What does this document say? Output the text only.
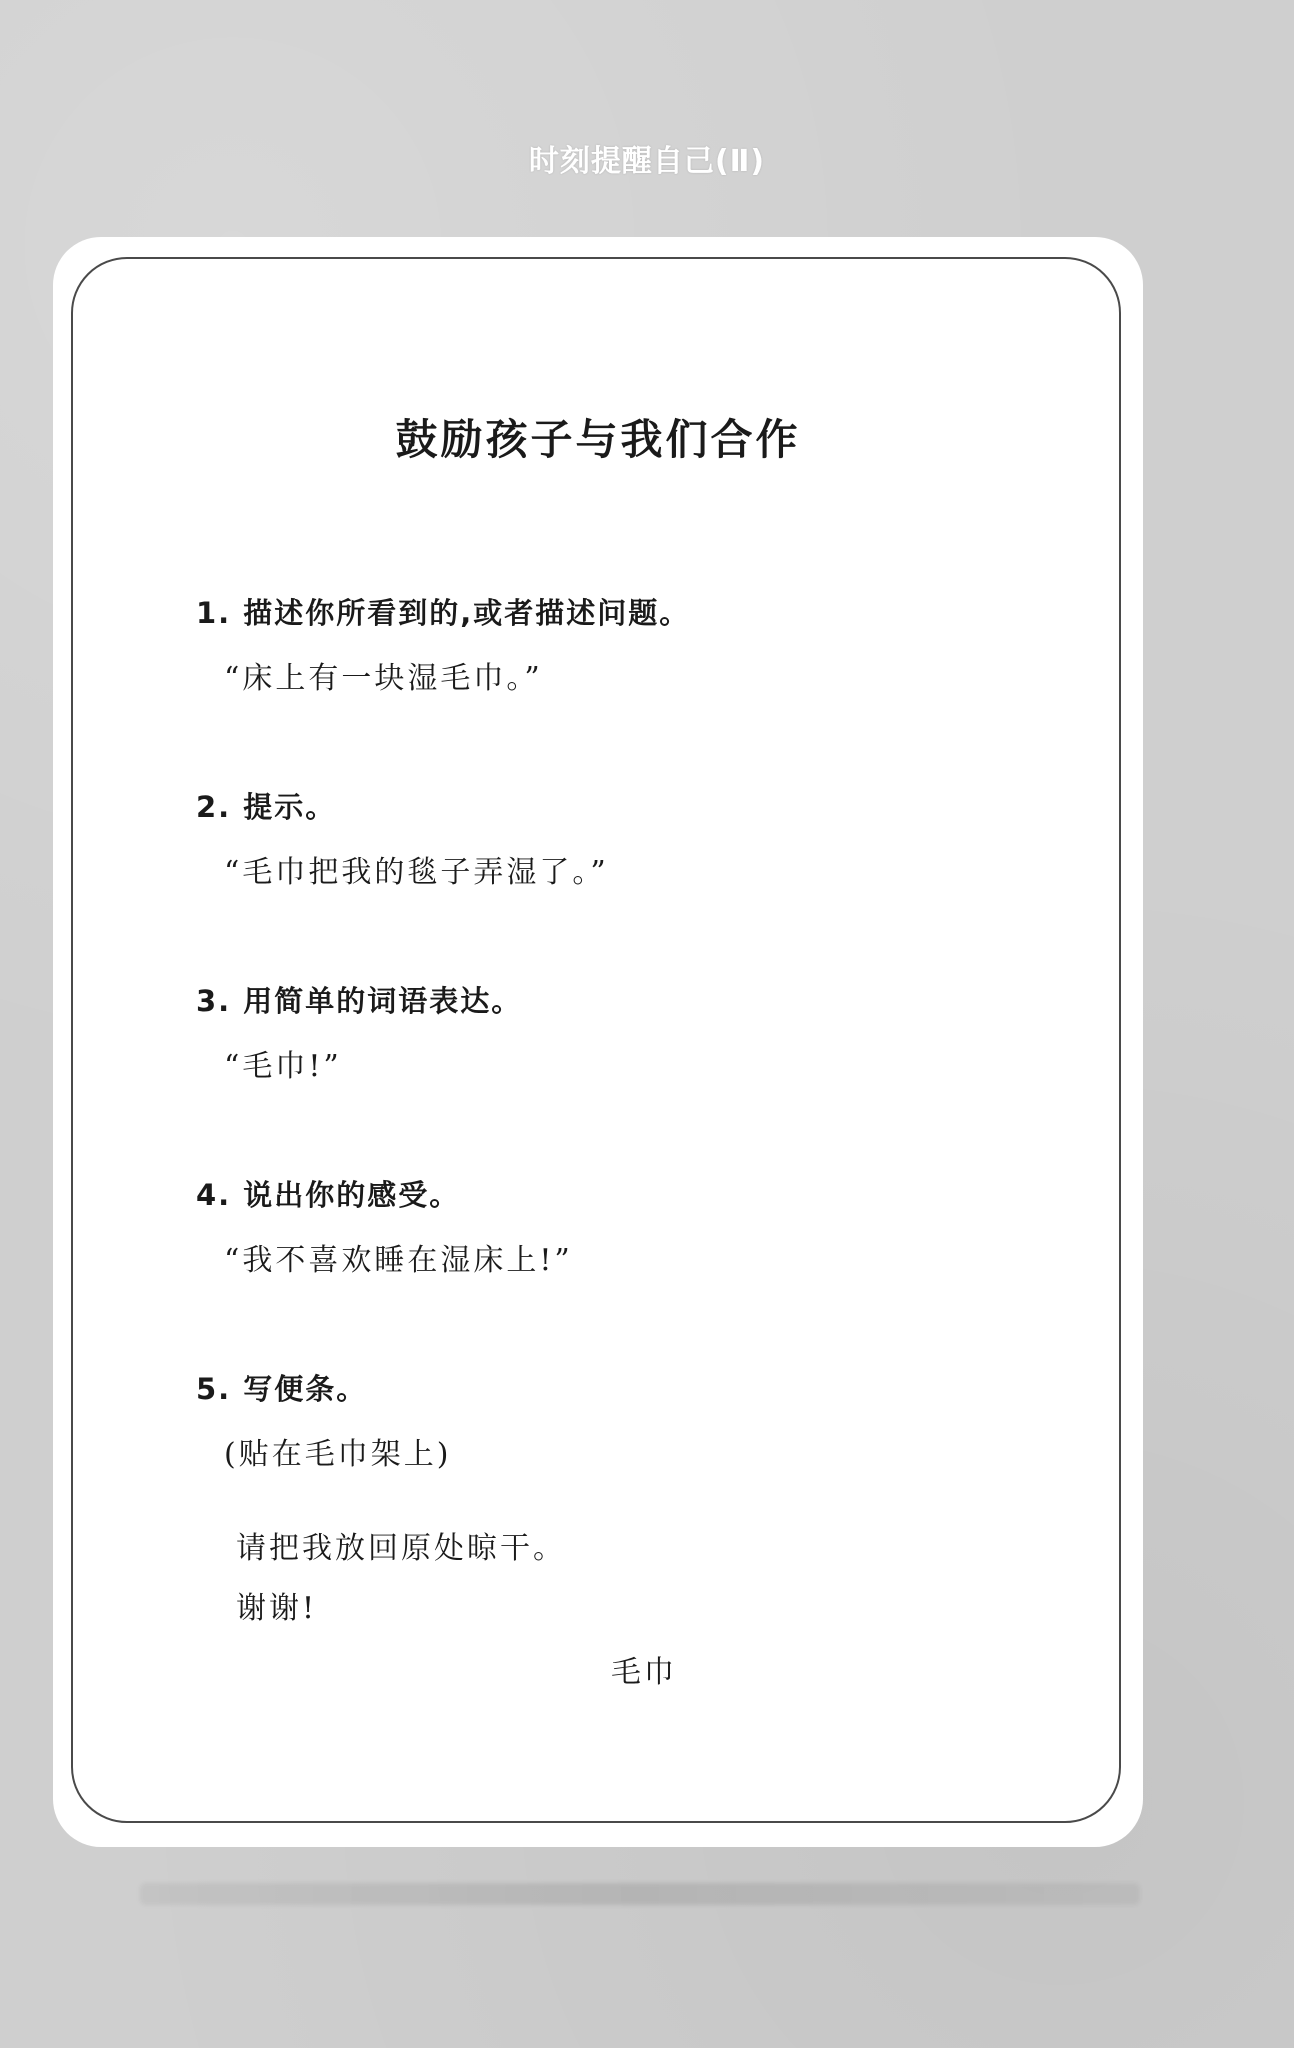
时刻提醒自己(Ⅱ)
鼓励孩子与我们合作
1. 描述你所看到的,或者描述问题。
“床上有一块湿毛巾。”
2. 提示。
“毛巾把我的毯子弄湿了。”
3. 用简单的词语表达。
“毛巾!”
4. 说出你的感受。
“我不喜欢睡在湿床上!”
5. 写便条。
(贴在毛巾架上)
请把我放回原处晾干。
谢谢!
毛巾
